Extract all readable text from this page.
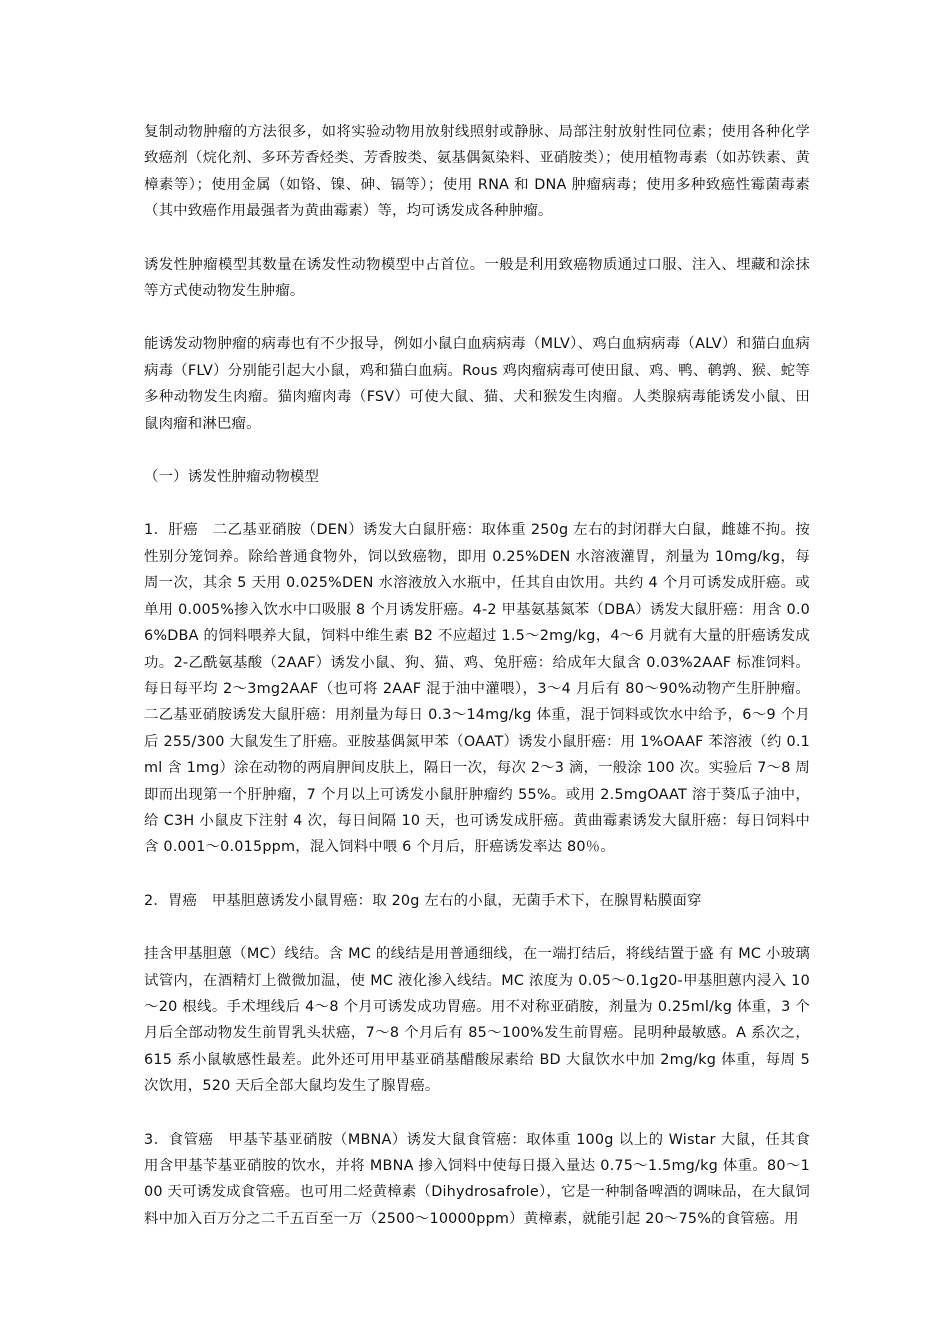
复制动物肿瘤的方法很多，如将实验动物用放射线照射或静脉、局部注射放射性同位素；使用各种化学致癌剂（烷化剂、多环芳香烃类、芳香胺类、氨基偶氮染料、亚硝胺类）；使用植物毒素（如苏铁素、黄樟素等）；使用金属（如铬、镍、砷、镉等）；使用 RNA 和 DNA 肿瘤病毒；使用多种致癌性霉菌毒素（其中致癌作用最强者为黄曲霉素）等，均可诱发成各种肿瘤。

诱发性肿瘤模型其数量在诱发性动物模型中占首位。一般是利用致癌物质通过口服、注入、埋藏和涂抹等方式使动物发生肿瘤。

能诱发动物肿瘤的病毒也有不少报导，例如小鼠白血病病毒（MLV）、鸡白血病病毒（ALV）和猫白血病病毒（FLV）分别能引起大小鼠，鸡和猫白血病。Rous 鸡肉瘤病毒可使田鼠、鸡、鸭、鹌鹑、猴、蛇等多种动物发生肉瘤。猫肉瘤肉毒（FSV）可使大鼠、猫、犬和猴发生肉瘤。人类腺病毒能诱发小鼠、田鼠肉瘤和淋巴瘤。

（一）诱发性肿瘤动物模型

1．肝癌　二乙基亚硝胺（DEN）诱发大白鼠肝癌：取体重 250g 左右的封闭群大白鼠，雌雄不拘。按性别分笼饲养。除给普通食物外，饲以致癌物，即用 0.25%DEN 水溶液灌胃，剂量为 10mg/kg，每周一次，其余 5 天用 0.025%DEN 水溶液放入水瓶中，任其自由饮用。共约 4 个月可诱发成肝癌。或单用 0.005%掺入饮水中口吸服 8 个月诱发肝癌。4-2 甲基氨基氮苯（DBA）诱发大鼠肝癌：用含 0.06%DBA 的饲料喂养大鼠，饲料中维生素 B2 不应超过 1.5～2mg/kg，4～6 月就有大量的肝癌诱发成功。2-乙酰氨基酸（2AAF）诱发小鼠、狗、猫、鸡、兔肝癌：给成年大鼠含 0.03%2AAF 标准饲料。每日每平均 2～3mg2AAF（也可将 2AAF 混于油中灌喂），3～4 月后有 80～90%动物产生肝肿瘤。二乙基亚硝胺诱发大鼠肝癌：用剂量为每日 0.3～14mg/kg 体重，混于饲料或饮水中给予，6～9 个月后 255/300 大鼠发生了肝癌。亚胺基偶氮甲苯（OAAT）诱发小鼠肝癌：用 1%OAAF 苯溶液（约 0.1ml 含 1mg）涂在动物的两肩胛间皮肤上，隔日一次，每次 2～3 滴，一般涂 100 次。实验后 7～8 周即而出现第一个肝肿瘤，7 个月以上可诱发小鼠肝肿瘤约 55%。或用 2.5mgOAAT 溶于葵瓜子油中，给 C3H 小鼠皮下注射 4 次，每日间隔 10 天，也可诱发成肝癌。黄曲霉素诱发大鼠肝癌：每日饲料中含 0.001～0.015ppm，混入饲料中喂 6 个月后，肝癌诱发率达 80％。

2．胃癌　甲基胆蒽诱发小鼠胃癌：取 20g 左右的小鼠，无菌手术下，在腺胃粘膜面穿

挂含甲基胆蒽（MC）线结。含 MC 的线结是用普通细线，在一端打结后，将线结置于盛 有 MC 小玻璃试管内，在酒精灯上微微加温，使 MC 液化渗入线结。MC 浓度为 0.05～0.1g20-甲基胆蒽内浸入 10～20 根线。手术埋线后 4～8 个月可诱发成功胃癌。用不对称亚硝胺，剂量为 0.25ml/kg 体重，3 个月后全部动物发生前胃乳头状癌，7～8 个月后有 85～100%发生前胃癌。昆明种最敏感。A 系次之，615 系小鼠敏感性最差。此外还可用甲基亚硝基醋酸尿素给 BD 大鼠饮水中加 2mg/kg 体重，每周 5 次饮用，520 天后全部大鼠均发生了腺胃癌。

3．食管癌　甲基苄基亚硝胺（MBNA）诱发大鼠食管癌：取体重 100g 以上的 Wistar 大鼠，任其食用含甲基苄基亚硝胺的饮水，并将 MBNA 掺入饲料中使每日摄入量达 0.75～1.5mg/kg 体重。80～100 天可诱发成食管癌。也可用二烃黄樟素（Dihydrosafrole），它是一种制备啤酒的调味品，在大鼠饲料中加入百万分之二千五百至一万（2500～10000ppm）黄樟素，就能引起 20～75%的食管癌。用
